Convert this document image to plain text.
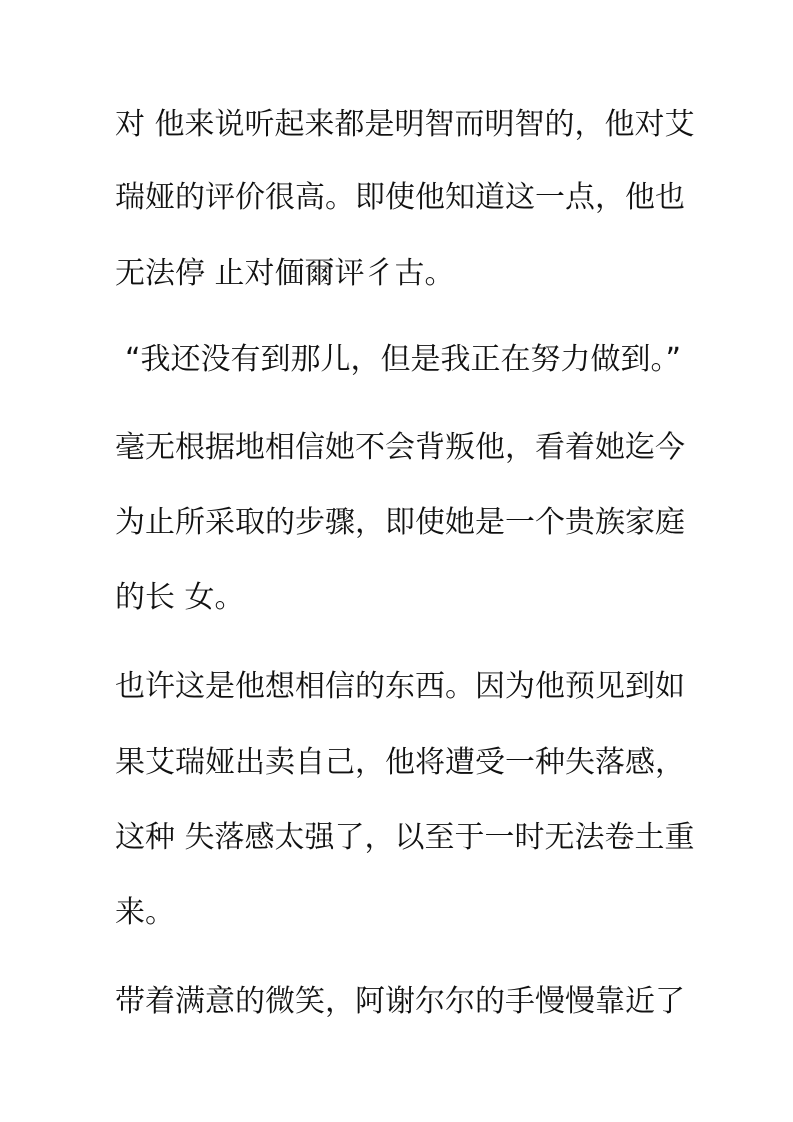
对 他来说听起来都是明智而明智的，他对艾
瑞娅的评价很高。即使他知道这一点，他也
无法停 止对偭爾评彳古。
“我还没有到那儿，但是我正在努力做到。”
毫无根据地相信她不会背叛他，看着她迄今
为止所采取的步骤，即使她是一个贵族家庭
的长 女。
也许这是他想相信的东西。因为他预见到如
果艾瑞娅出卖自己，他将遭受一种失落感，
这种 失落感太强了，以至于一时无法卷土重
来。
带着满意的微笑，阿谢尔尔的手慢慢靠近了
